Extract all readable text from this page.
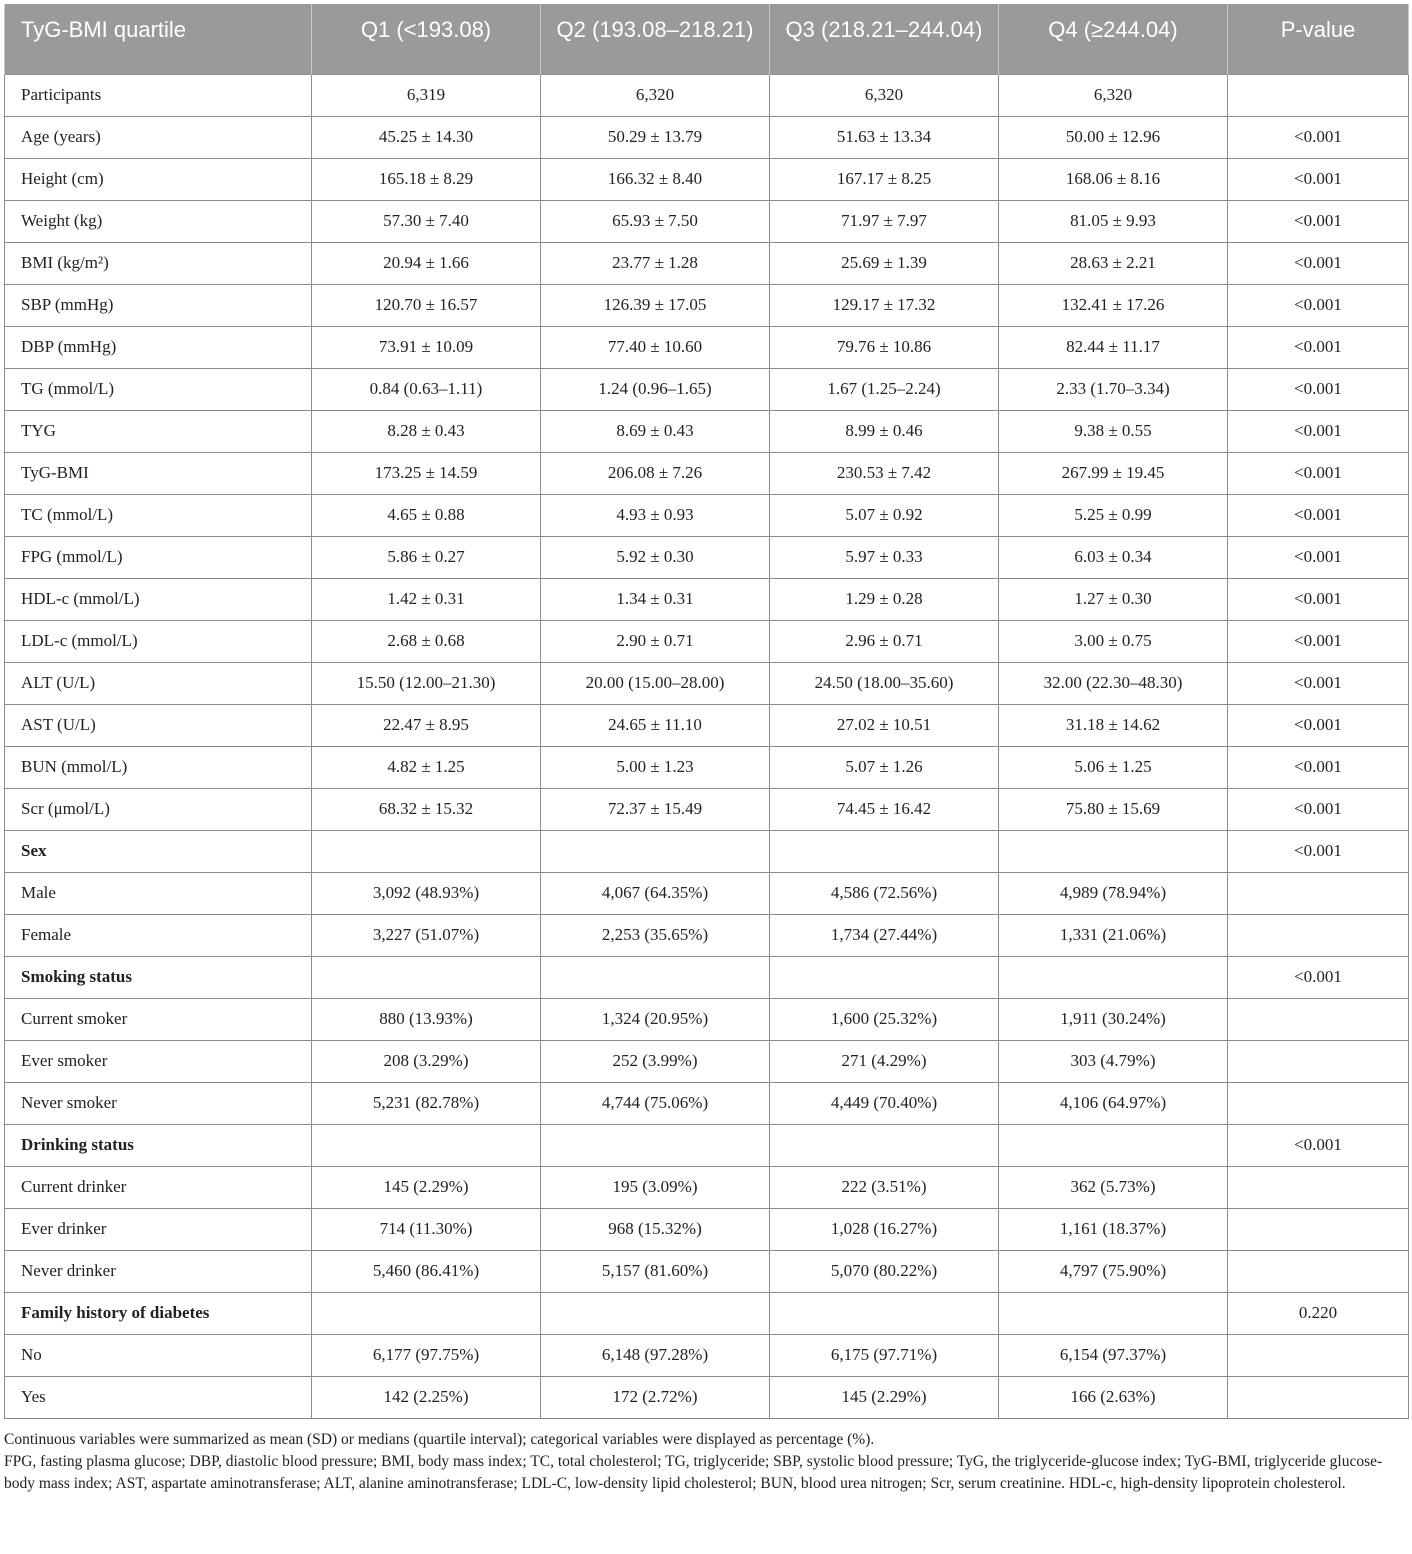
TyG-BMI quartile	Q1 (<193.08)	Q2 (193.08–218.21)	Q3 (218.21–244.04)	Q4 (≥244.04)	P-value
Participants	6,319	6,320	6,320	6,320	
Age (years)	45.25 ± 14.30	50.29 ± 13.79	51.63 ± 13.34	50.00 ± 12.96	<0.001
Height (cm)	165.18 ± 8.29	166.32 ± 8.40	167.17 ± 8.25	168.06 ± 8.16	<0.001
Weight (kg)	57.30 ± 7.40	65.93 ± 7.50	71.97 ± 7.97	81.05 ± 9.93	<0.001
BMI (kg/m²)	20.94 ± 1.66	23.77 ± 1.28	25.69 ± 1.39	28.63 ± 2.21	<0.001
SBP (mmHg)	120.70 ± 16.57	126.39 ± 17.05	129.17 ± 17.32	132.41 ± 17.26	<0.001
DBP (mmHg)	73.91 ± 10.09	77.40 ± 10.60	79.76 ± 10.86	82.44 ± 11.17	<0.001
TG (mmol/L)	0.84 (0.63–1.11)	1.24 (0.96–1.65)	1.67 (1.25–2.24)	2.33 (1.70–3.34)	<0.001
TYG	8.28 ± 0.43	8.69 ± 0.43	8.99 ± 0.46	9.38 ± 0.55	<0.001
TyG-BMI	173.25 ± 14.59	206.08 ± 7.26	230.53 ± 7.42	267.99 ± 19.45	<0.001
TC (mmol/L)	4.65 ± 0.88	4.93 ± 0.93	5.07 ± 0.92	5.25 ± 0.99	<0.001
FPG (mmol/L)	5.86 ± 0.27	5.92 ± 0.30	5.97 ± 0.33	6.03 ± 0.34	<0.001
HDL-c (mmol/L)	1.42 ± 0.31	1.34 ± 0.31	1.29 ± 0.28	1.27 ± 0.30	<0.001
LDL-c (mmol/L)	2.68 ± 0.68	2.90 ± 0.71	2.96 ± 0.71	3.00 ± 0.75	<0.001
ALT (U/L)	15.50 (12.00–21.30)	20.00 (15.00–28.00)	24.50 (18.00–35.60)	32.00 (22.30–48.30)	<0.001
AST (U/L)	22.47 ± 8.95	24.65 ± 11.10	27.02 ± 10.51	31.18 ± 14.62	<0.001
BUN (mmol/L)	4.82 ± 1.25	5.00 ± 1.23	5.07 ± 1.26	5.06 ± 1.25	<0.001
Scr (μmol/L)	68.32 ± 15.32	72.37 ± 15.49	74.45 ± 16.42	75.80 ± 15.69	<0.001
Sex					<0.001
Male	3,092 (48.93%)	4,067 (64.35%)	4,586 (72.56%)	4,989 (78.94%)	
Female	3,227 (51.07%)	2,253 (35.65%)	1,734 (27.44%)	1,331 (21.06%)	
Smoking status					<0.001
Current smoker	880 (13.93%)	1,324 (20.95%)	1,600 (25.32%)	1,911 (30.24%)	
Ever smoker	208 (3.29%)	252 (3.99%)	271 (4.29%)	303 (4.79%)	
Never smoker	5,231 (82.78%)	4,744 (75.06%)	4,449 (70.40%)	4,106 (64.97%)	
Drinking status					<0.001
Current drinker	145 (2.29%)	195 (3.09%)	222 (3.51%)	362 (5.73%)	
Ever drinker	714 (11.30%)	968 (15.32%)	1,028 (16.27%)	1,161 (18.37%)	
Never drinker	5,460 (86.41%)	5,157 (81.60%)	5,070 (80.22%)	4,797 (75.90%)	
Family history of diabetes					0.220
No	6,177 (97.75%)	6,148 (97.28%)	6,175 (97.71%)	6,154 (97.37%)	
Yes	142 (2.25%)	172 (2.72%)	145 (2.29%)	166 (2.63%)	

Continuous variables were summarized as mean (SD) or medians (quartile interval); categorical variables were displayed as percentage (%).

FPG, fasting plasma glucose; DBP, diastolic blood pressure; BMI, body mass index; TC, total cholesterol; TG, triglyceride; SBP, systolic blood pressure; TyG, the triglyceride-glucose index; TyG-BMI, triglyceride glucose-body mass index; AST, aspartate aminotransferase; ALT, alanine aminotransferase; LDL-C, low-density lipid cholesterol; BUN, blood urea nitrogen; Scr, serum creatinine. HDL-c, high-density lipoprotein cholesterol.
